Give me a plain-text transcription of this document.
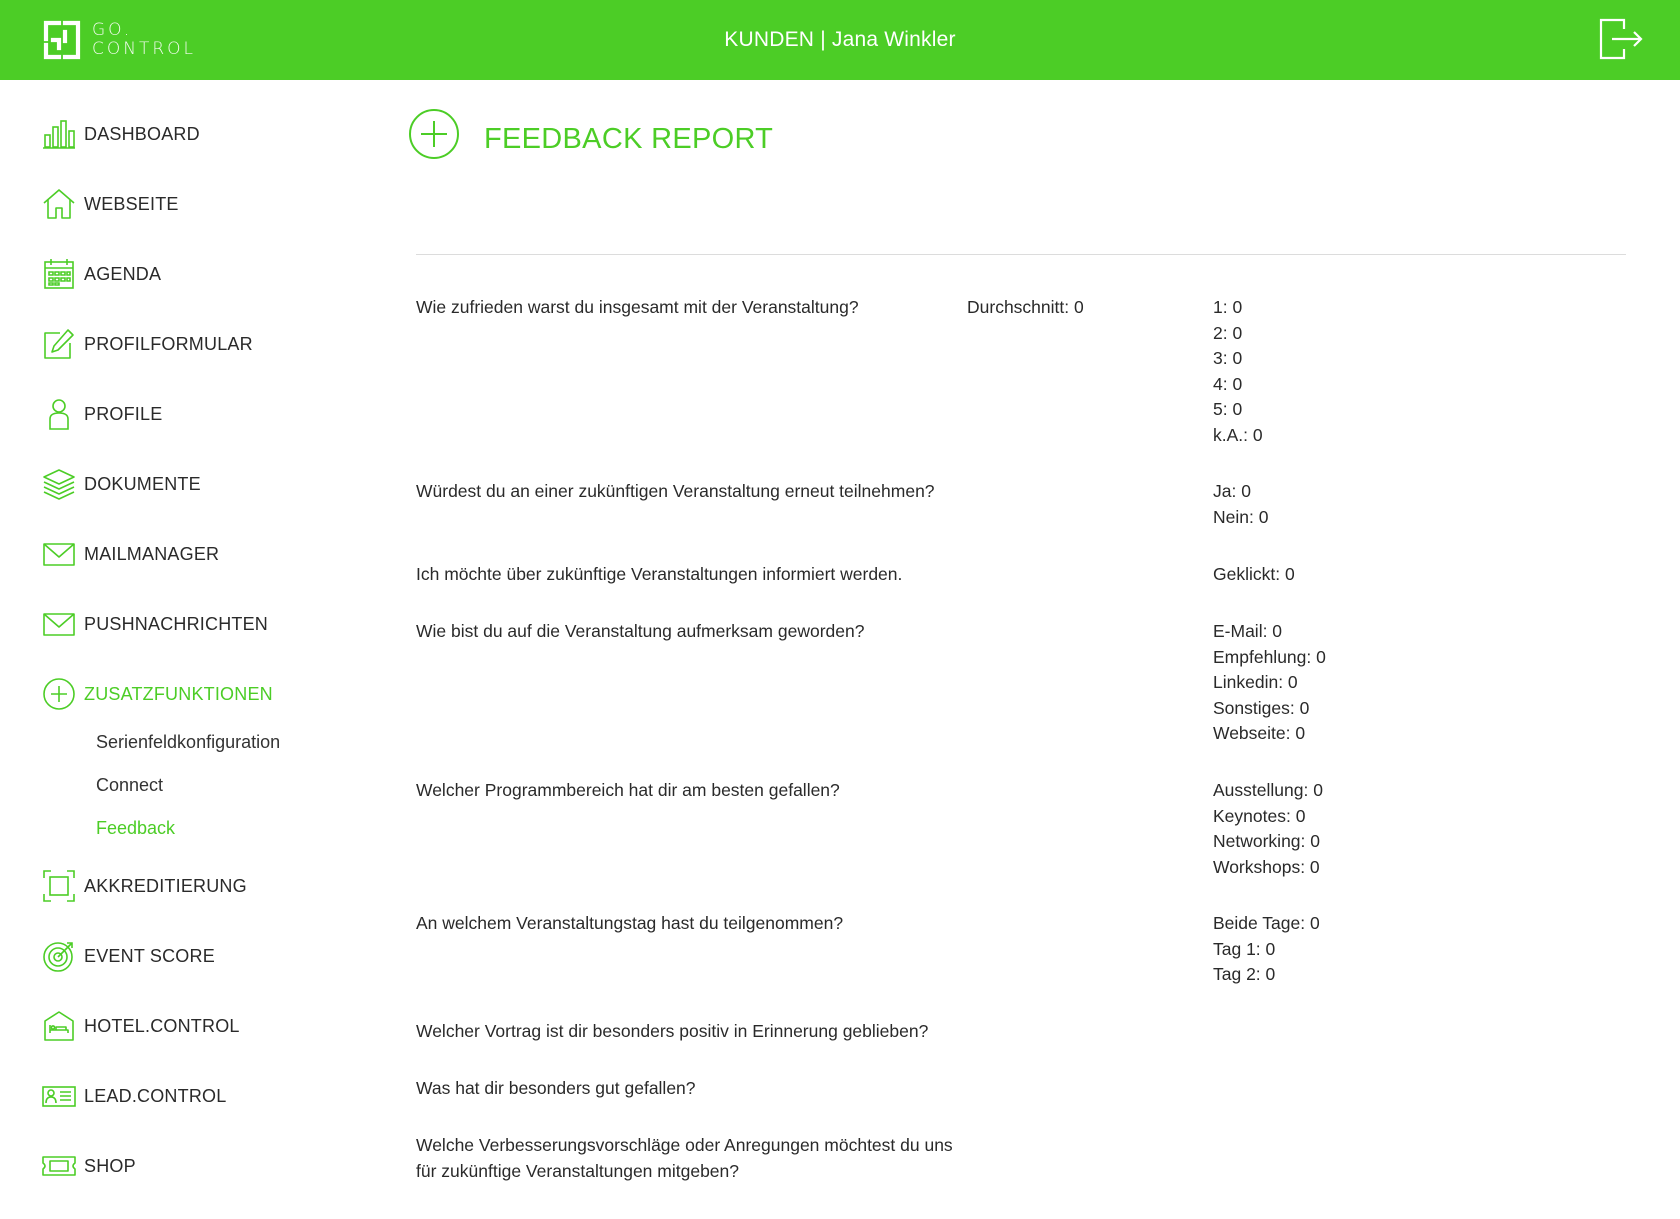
GO.
CONTROL	KUNDEN | Jana Winkler
DASHBOARD
WEBSEITE
AGENDA
PROFILFORMULAR
PROFILE
DOKUMENTE
MAILMANAGER
PUSHNACHRICHTEN
ZUSATZFUNKTIONEN
Serienfeldkonfiguration
Connect
Feedback
AKKREDITIERUNG
EVENT SCORE
HOTEL.CONTROL
LEAD.CONTROL
SHOP
FEEDBACK REPORT
Wie zufrieden warst du insgesamt mit der Veranstaltung?	Durchschnitt: 0	1: 0
2: 0
3: 0
4: 0
5: 0
k.A.: 0
Würdest du an einer zukünftigen Veranstaltung erneut teilnehmen?	Ja: 0
Nein: 0
Ich möchte über zukünftige Veranstaltungen informiert werden.	Geklickt: 0
Wie bist du auf die Veranstaltung aufmerksam geworden?	E-Mail: 0
Empfehlung: 0
Linkedin: 0
Sonstiges: 0
Webseite: 0
Welcher Programmbereich hat dir am besten gefallen?	Ausstellung: 0
Keynotes: 0
Networking: 0
Workshops: 0
An welchem Veranstaltungstag hast du teilgenommen?	Beide Tage: 0
Tag 1: 0
Tag 2: 0
Welcher Vortrag ist dir besonders positiv in Erinnerung geblieben?
Was hat dir besonders gut gefallen?
Welche Verbesserungsvorschläge oder Anregungen möchtest du uns für zukünftige Veranstaltungen mitgeben?
